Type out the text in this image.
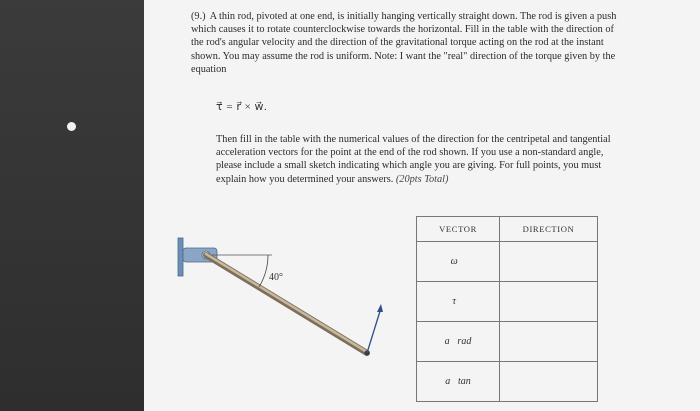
(9.) A thin rod, pivoted at one end, is initially hanging vertically straight down. The rod is given a push which causes it to rotate counterclockwise towards the horizontal. Fill in the table with the direction of the rod's angular velocity and the direction of the gravitational torque acting on the rod at the instant shown. You may assume the rod is uniform. Note: I want the "real" direction of the torque given by the equation

τ⃗ = r⃗ × w⃗.

Then fill in the table with the numerical values of the direction for the centripetal and tangential acceleration vectors for the point at the end of the rod shown. If you use a non-standard angle, please include a small sketch indicating which angle you are giving. For full points, you must explain how you determined your answers. (20pts Total)

40°
VECTOR	DIRECTION
ω⃗	
τ⃗	
a⃗rad	
a⃗tan	
